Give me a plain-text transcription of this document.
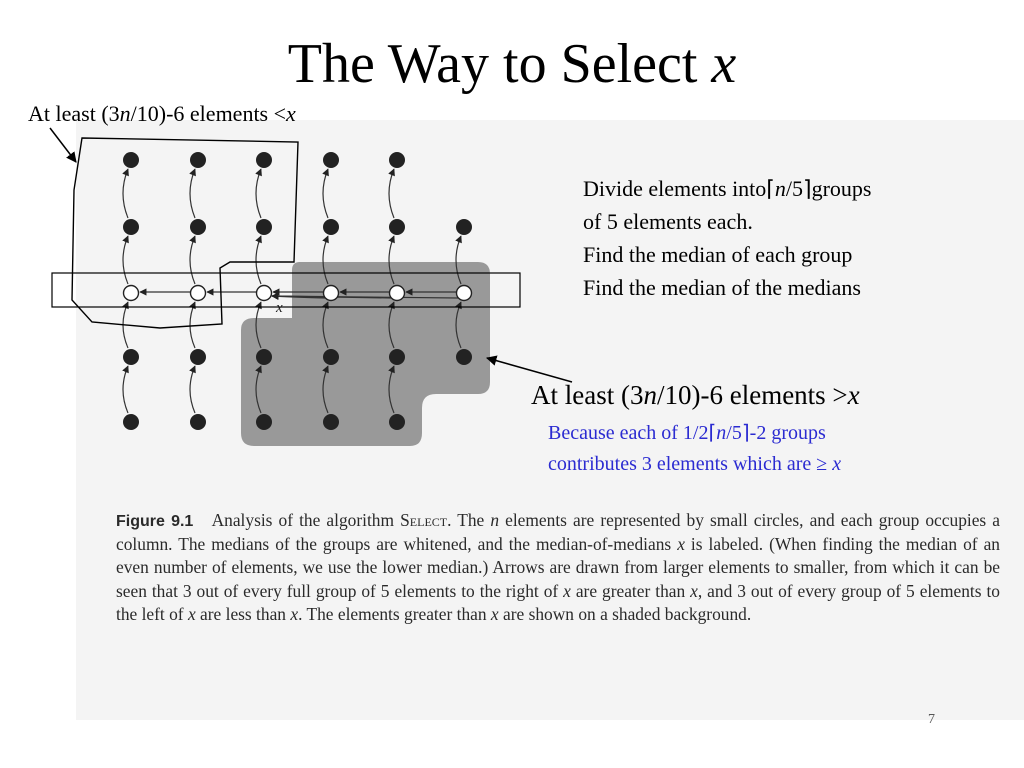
The Way to Select x
x
At least (3n/10)-6 elements <x
Divide elements into⌈n/5⌉groups
of 5 elements each.
Find the median of each group
Find the median of the medians
At least (3n/10)-6 elements >x
Because each of 1/2⌈n/5⌉-2 groups
contributes 3 elements which are ≥ x
Figure 9.1 Analysis of the algorithm Select. The n elements are represented by small circles, and each group occupies a column. The medians of the groups are whitened, and the median-of-medians x is labeled. (When finding the median of an even number of elements, we use the lower median.) Arrows are drawn from larger elements to smaller, from which it can be seen that 3 out of every full group of 5 elements to the right of x are greater than x, and 3 out of every group of 5 elements to the left of x are less than x. The elements greater than x are shown on a shaded background.
7
